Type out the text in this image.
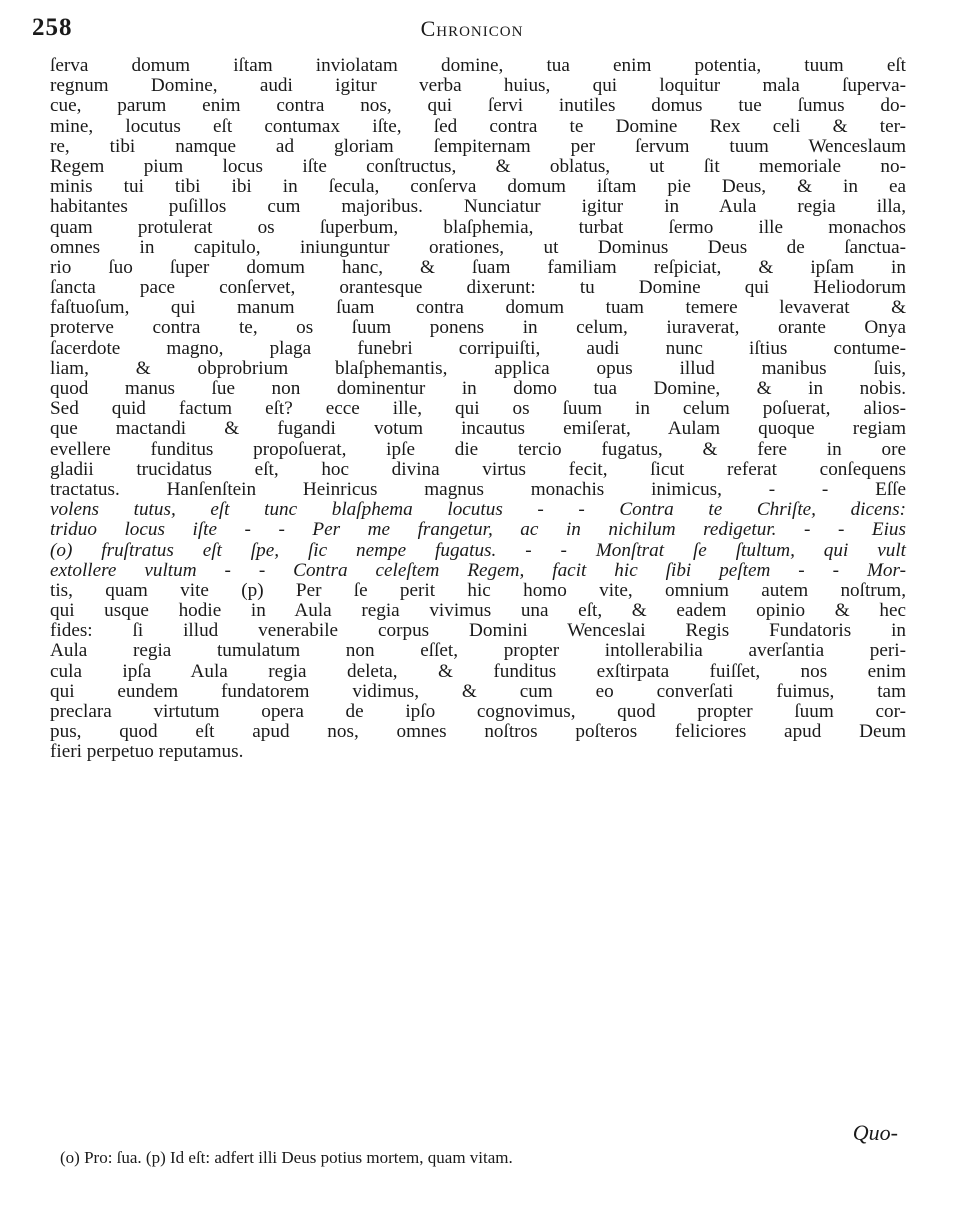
258	Chronicon
ſerva domum iſtam inviolatam domine, tua enim potentia, tuum eſt
regnum Domine, audi igitur verba huius, qui loquitur mala ſuperva-
cue, parum enim contra nos, qui ſervi inutiles domus tue ſumus do-
mine, locutus eſt contumax iſte, ſed contra te Domine Rex celi & ter-
re, tibi namque ad gloriam ſempiternam per ſervum tuum Wenceslaum
Regem pium locus iſte conſtructus, & oblatus, ut ſit memoriale no-
minis tui tibi ibi in ſecula, conſerva domum iſtam pie Deus, & in ea
habitantes puſillos cum majoribus. Nunciatur igitur in Aula regia illa,
quam protulerat os ſuperbum, blaſphemia, turbat ſermo ille monachos
omnes in capitulo, iniunguntur orationes, ut Dominus Deus de ſanctua-
rio ſuo ſuper domum hanc, & ſuam familiam reſpiciat, & ipſam in
ſancta pace conſervet, orantesque dixerunt: tu Domine qui Heliodorum
faſtuoſum, qui manum ſuam contra domum tuam temere levaverat &
proterve contra te, os ſuum ponens in celum, iuraverat, orante Onya
ſacerdote magno, plaga funebri corripuiſti, audi nunc iſtius contume-
liam, & obprobrium blaſphemantis, applica opus illud manibus ſuis,
quod manus ſue non dominentur in domo tua Domine, & in nobis.
Sed quid factum eſt? ecce ille, qui os ſuum in celum poſuerat, alios-
que mactandi & fugandi votum incautus emiſerat, Aulam quoque regiam
evellere funditus propoſuerat, ipſe die tercio fugatus, & fere in ore
gladii trucidatus eſt, hoc divina virtus fecit, ſicut referat conſequens
tractatus. Hanſenſtein Heinricus magnus monachis inimicus, - - Eſſe
volens tutus, eſt tunc blaſphema locutus - - Contra te Chriſte, dicens:
triduo locus iſte - - Per me frangetur, ac in nichilum redigetur. - - Eius
(o) fruſtratus eſt ſpe, ſic nempe fugatus. - - Monſtrat ſe ſtultum, qui vult
extollere vultum - - Contra celeſtem Regem, facit hic ſibi peſtem - - Mor-
tis, quam vite (p) Per ſe perit hic homo vite, omnium autem noſtrum,
qui usque hodie in Aula regia vivimus una eſt, & eadem opinio & hec
fides: ſi illud venerabile corpus Domini Wenceslai Regis Fundatoris in
Aula regia tumulatum non eſſet, propter intollerabilia averſantia peri-
cula ipſa Aula regia deleta, & funditus exſtirpata fuiſſet, nos enim
qui eundem fundatorem vidimus, & cum eo converſati fuimus, tam
preclara virtutum opera de ipſo cognovimus, quod propter ſuum cor-
pus, quod eſt apud nos, omnes noſtros poſteros feliciores apud Deum
fieri perpetuo reputamus.
Quo-
(o) Pro: ſua. (p) Id eſt: adfert illi Deus potius mortem, quam vitam.
